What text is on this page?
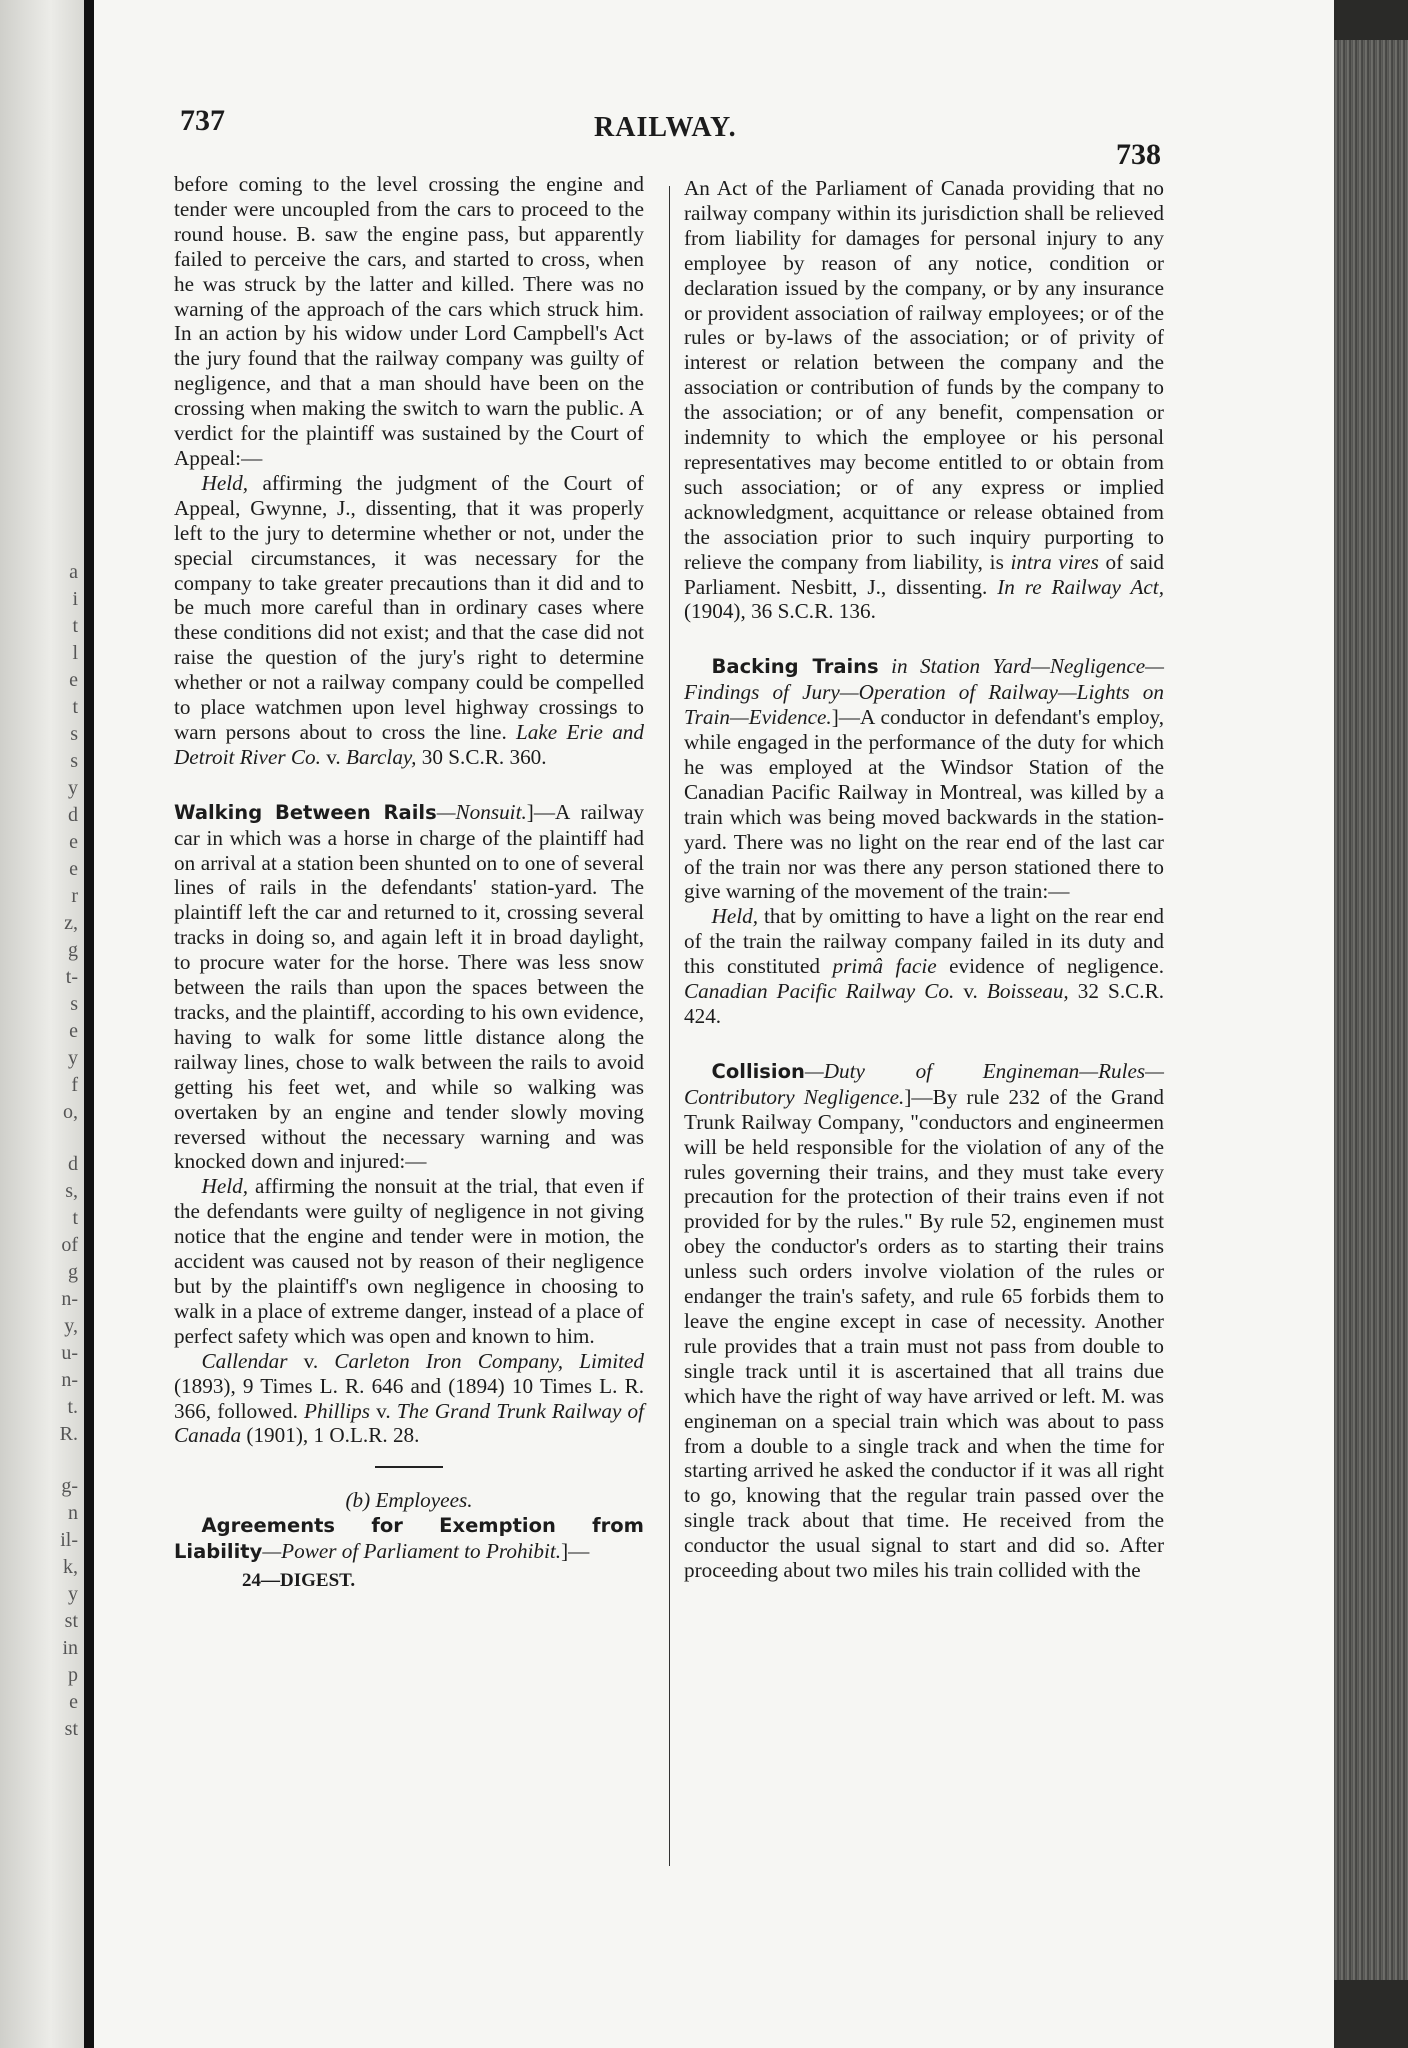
a
i
t
l
e
t
s
s
y
d
e
e
r
z,
g
t-
s
e
y
f
o,
d
s,
t
of
g
n-
y,
u-
n-
t.
R.
g-
n
il-
k,
y
st
in
p
e
st
737	RAILWAY.
738

before coming to the level crossing the engine and tender were uncoupled from the cars to proceed to the round house. B. saw the engine pass, but apparently failed to perceive the cars, and started to cross, when he was struck by the latter and killed. There was no warning of the approach of the cars which struck him. In an action by his widow under Lord Campbell's Act the jury found that the railway company was guilty of negligence, and that a man should have been on the crossing when making the switch to warn the public. A verdict for the plaintiff was sustained by the Court of Appeal:—

Held, affirming the judgment of the Court of Appeal, Gwynne, J., dissenting, that it was properly left to the jury to determine whether or not, under the special circumstances, it was necessary for the company to take greater precautions than it did and to be much more careful than in ordinary cases where these conditions did not exist; and that the case did not raise the question of the jury's right to determine whether or not a railway company could be compelled to place watchmen upon level highway crossings to warn persons about to cross the line. Lake Erie and Detroit River Co. v. Barclay, 30 S.C.R. 360.

Walking Between Rails—Nonsuit.]—A railway car in which was a horse in charge of the plaintiff had on arrival at a station been shunted on to one of several lines of rails in the defendants' station-yard. The plaintiff left the car and returned to it, crossing several tracks in doing so, and again left it in broad daylight, to procure water for the horse. There was less snow between the rails than upon the spaces between the tracks, and the plaintiff, according to his own evidence, having to walk for some little distance along the railway lines, chose to walk between the rails to avoid getting his feet wet, and while so walking was overtaken by an engine and tender slowly moving reversed without the necessary warning and was knocked down and injured:—

Held, affirming the nonsuit at the trial, that even if the defendants were guilty of negligence in not giving notice that the engine and tender were in motion, the accident was caused not by reason of their negligence but by the plaintiff's own negligence in choosing to walk in a place of extreme danger, instead of a place of perfect safety which was open and known to him.

Callendar v. Carleton Iron Company, Limited (1893), 9 Times L. R. 646 and (1894) 10 Times L. R. 366, followed. Phillips v. The Grand Trunk Railway of Canada (1901), 1 O.L.R. 28.

(b) Employees.

Agreements for Exemption from Liability—Power of Parliament to Prohibit.]—

24—DIGEST.

An Act of the Parliament of Canada providing that no railway company within its jurisdiction shall be relieved from liability for damages for personal injury to any employee by reason of any notice, condition or declaration issued by the company, or by any insurance or provident association of railway employees; or of the rules or by-laws of the association; or of privity of interest or relation between the company and the association or contribution of funds by the company to the association; or of any benefit, compensation or indemnity to which the employee or his personal representatives may become entitled to or obtain from such association; or of any express or implied acknowledgment, acquittance or release obtained from the association prior to such inquiry purporting to relieve the company from liability, is intra vires of said Parliament. Nesbitt, J., dissenting. In re Railway Act, (1904), 36 S.C.R. 136.

Backing Trains in Station Yard—Negligence—Findings of Jury—Operation of Railway—Lights on Train—Evidence.]—A conductor in defendant's employ, while engaged in the performance of the duty for which he was employed at the Windsor Station of the Canadian Pacific Railway in Montreal, was killed by a train which was being moved backwards in the station-yard. There was no light on the rear end of the last car of the train nor was there any person stationed there to give warning of the movement of the train:—

Held, that by omitting to have a light on the rear end of the train the railway company failed in its duty and this constituted primâ facie evidence of negligence. Canadian Pacific Railway Co. v. Boisseau, 32 S.C.R. 424.

Collision—Duty of Engineman—Rules—Contributory Negligence.]—By rule 232 of the Grand Trunk Railway Company, "conductors and engineermen will be held responsible for the violation of any of the rules governing their trains, and they must take every precaution for the protection of their trains even if not provided for by the rules." By rule 52, enginemen must obey the conductor's orders as to starting their trains unless such orders involve violation of the rules or endanger the train's safety, and rule 65 forbids them to leave the engine except in case of necessity. Another rule provides that a train must not pass from double to single track until it is ascertained that all trains due which have the right of way have arrived or left. M. was engineman on a special train which was about to pass from a double to a single track and when the time for starting arrived he asked the conductor if it was all right to go, knowing that the regular train passed over the single track about that time. He received from the conductor the usual signal to start and did so. After proceeding about two miles his train collided with the
